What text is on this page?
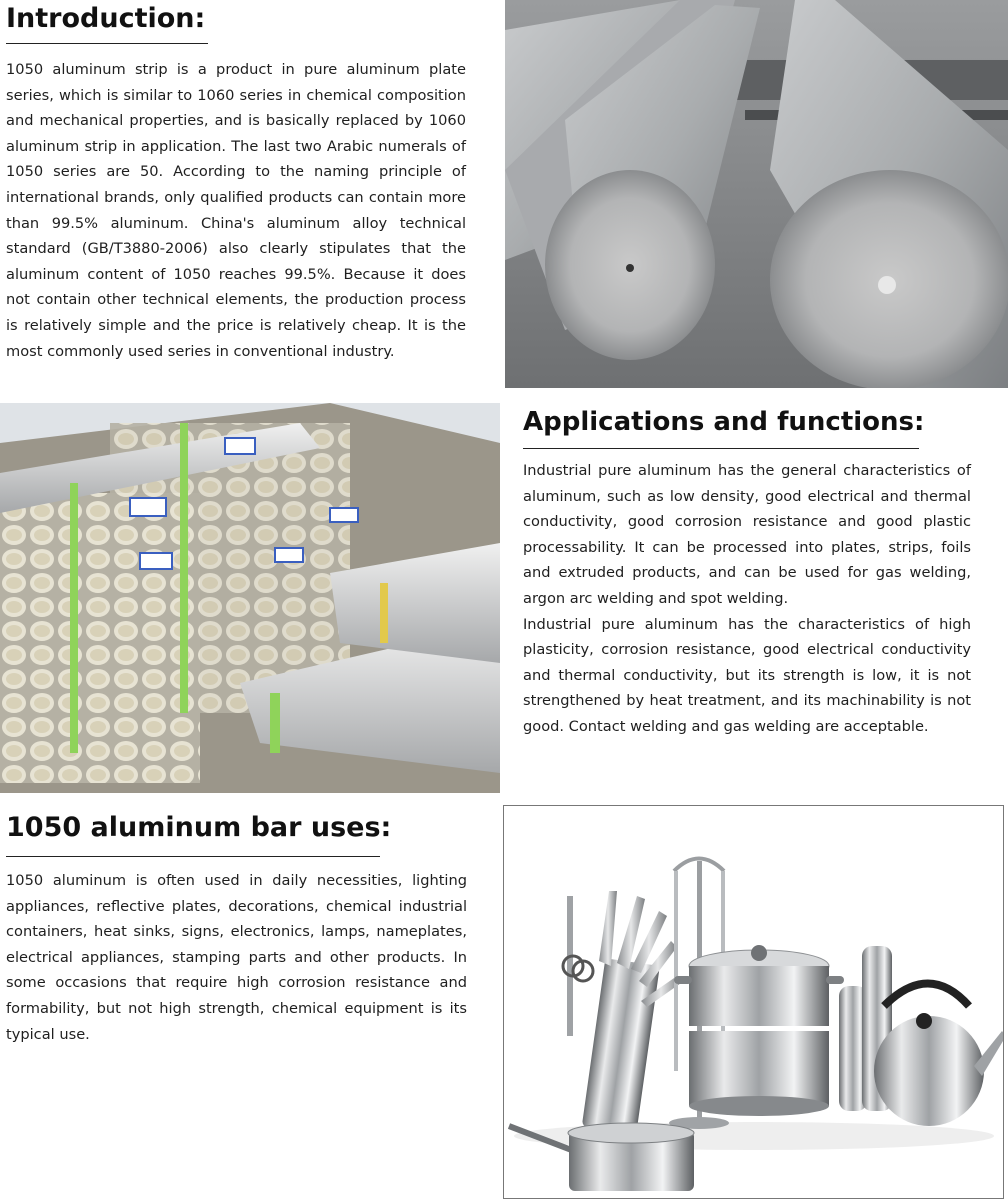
Introduction:

1050 aluminum strip is a product in pure aluminum plate series, which is similar to 1060 series in chemical composition and mechanical properties, and is basically replaced by 1060 aluminum strip in application. The last two Arabic numerals of 1050 series are 50. According to the naming principle of international brands, only qualified products can contain more than 99.5% aluminum. China's aluminum alloy technical standard (GB/T3880-2006) also clearly stipulates that the aluminum content of 1050 reaches 99.5%. Because it does not contain other technical elements, the production process is relatively simple and the price is relatively cheap. It is the most commonly used series in conventional industry.

Applications and functions:

Industrial pure aluminum has the general characteristics of aluminum, such as low density, good electrical and thermal conductivity, good corrosion resistance and good plastic processability. It can be processed into plates, strips, foils and extruded products, and can be used for gas welding, argon arc welding and spot welding.

Industrial pure aluminum has the characteristics of high plasticity, corrosion resistance, good electrical conductivity and thermal conductivity, but its strength is low, it is not strengthened by heat treatment, and its machinability is not good. Contact welding and gas welding are acceptable.

1050 aluminum bar uses:

1050 aluminum is often used in daily necessities, lighting appliances, reflective plates, decorations, chemical industrial containers, heat sinks, signs, electronics, lamps, nameplates, electrical appliances, stamping parts and other products. In some occasions that require high corrosion resistance and formability, but not high strength, chemical equipment is its typical use.
